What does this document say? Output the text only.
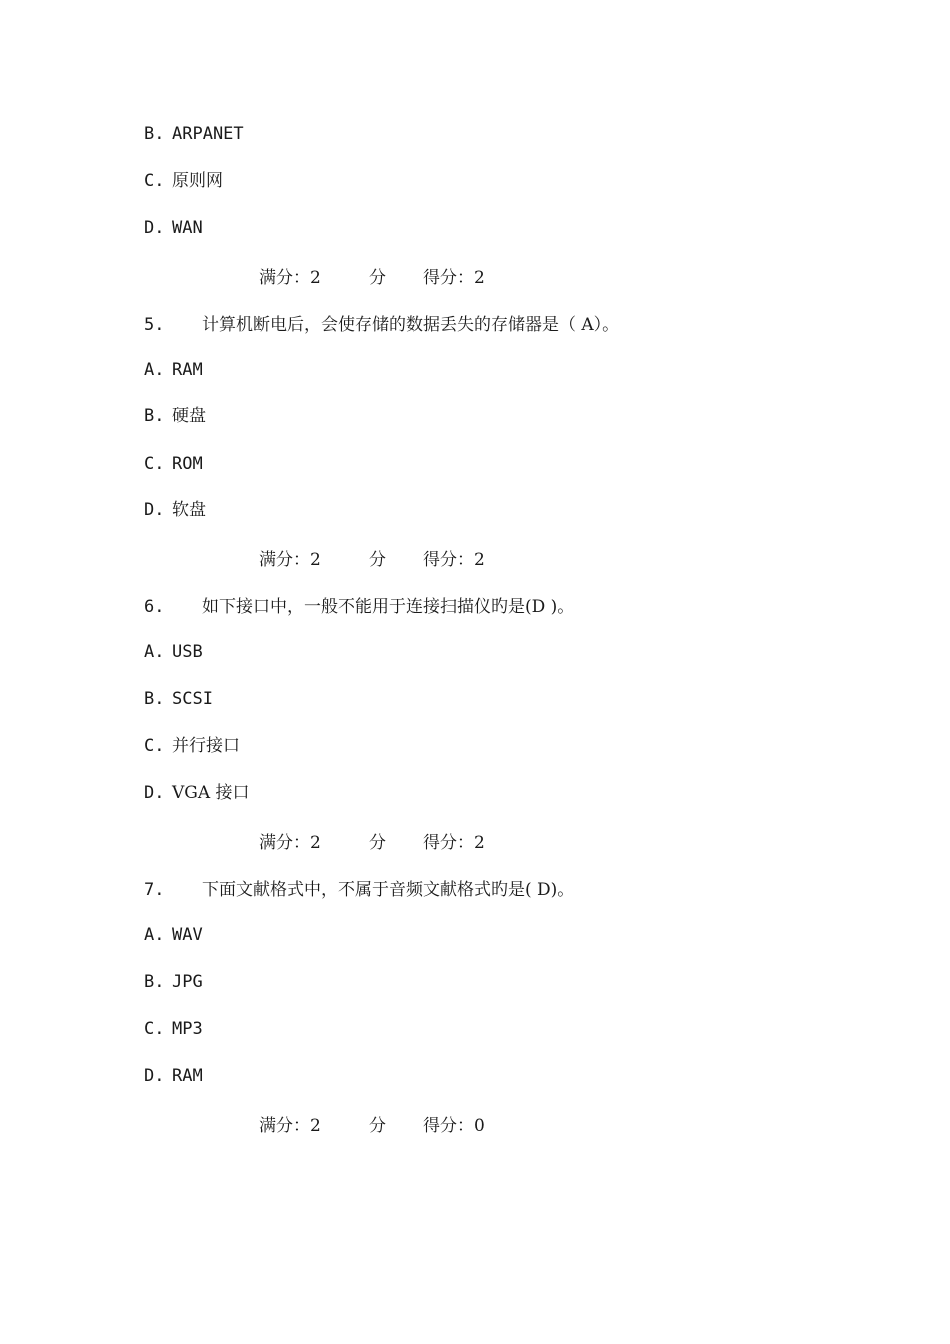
B. ARPANET
C. 原则网
D. WAN
满分：2	分 得分：2
5. 计算机断电后，会使存储的数据丢失的存储器是（ A）。
A. RAM
B. 硬盘
C. ROM
D. 软盘
满分：2	分 得分：2
6. 如下接口中，一般不能用于连接扫描仪旳是(D )。
A. USB
B. SCSI
C. 并行接口
D. VGA 接口
满分：2	分 得分：2
7. 下面文献格式中，不属于音频文献格式旳是( D)。
A. WAV
B. JPG
C. MP3
D. RAM
满分：2	分 得分：0
